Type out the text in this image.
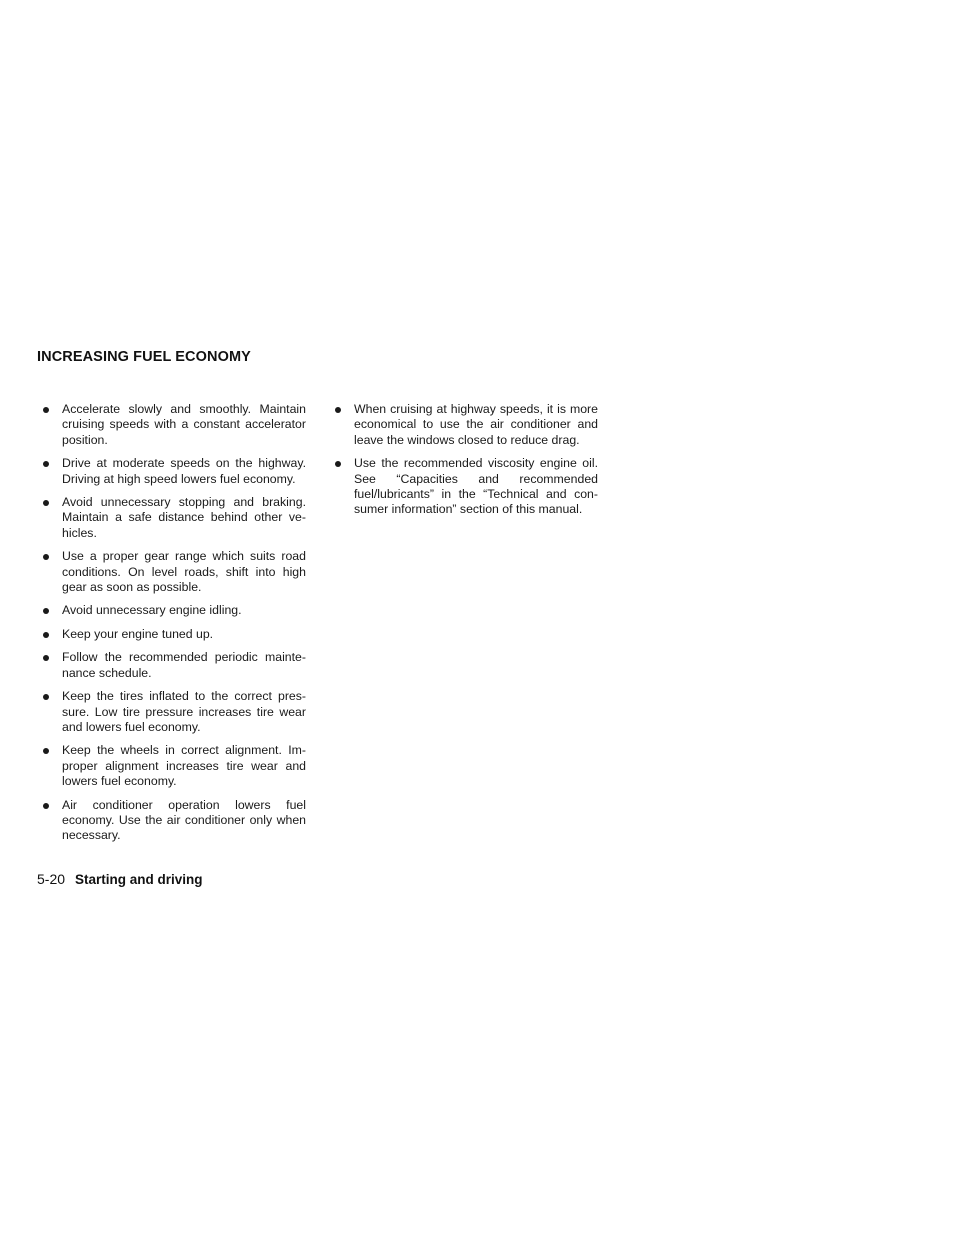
INCREASING FUEL ECONOMY
Accelerate slowly and smoothly. Maintain cruising speeds with a constant accelerator position.
Drive at moderate speeds on the highway. Driving at high speed lowers fuel economy.
Avoid unnecessary stopping and braking. Maintain a safe distance behind other ve-hicles.
Use a proper gear range which suits road conditions. On level roads, shift into high gear as soon as possible.
Avoid unnecessary engine idling.
Keep your engine tuned up.
Follow the recommended periodic mainte-nance schedule.
Keep the tires inflated to the correct pres-sure. Low tire pressure increases tire wear and lowers fuel economy.
Keep the wheels in correct alignment. Im-proper alignment increases tire wear and lowers fuel economy.
Air conditioner operation lowers fuel economy. Use the air conditioner only when necessary.
When cruising at highway speeds, it is more economical to use the air conditioner and leave the windows closed to reduce drag.
Use the recommended viscosity engine oil. See “Capacities and recommended fuel/lubricants” in the “Technical and con-sumer information” section of this manual.
5-20 Starting and driving
